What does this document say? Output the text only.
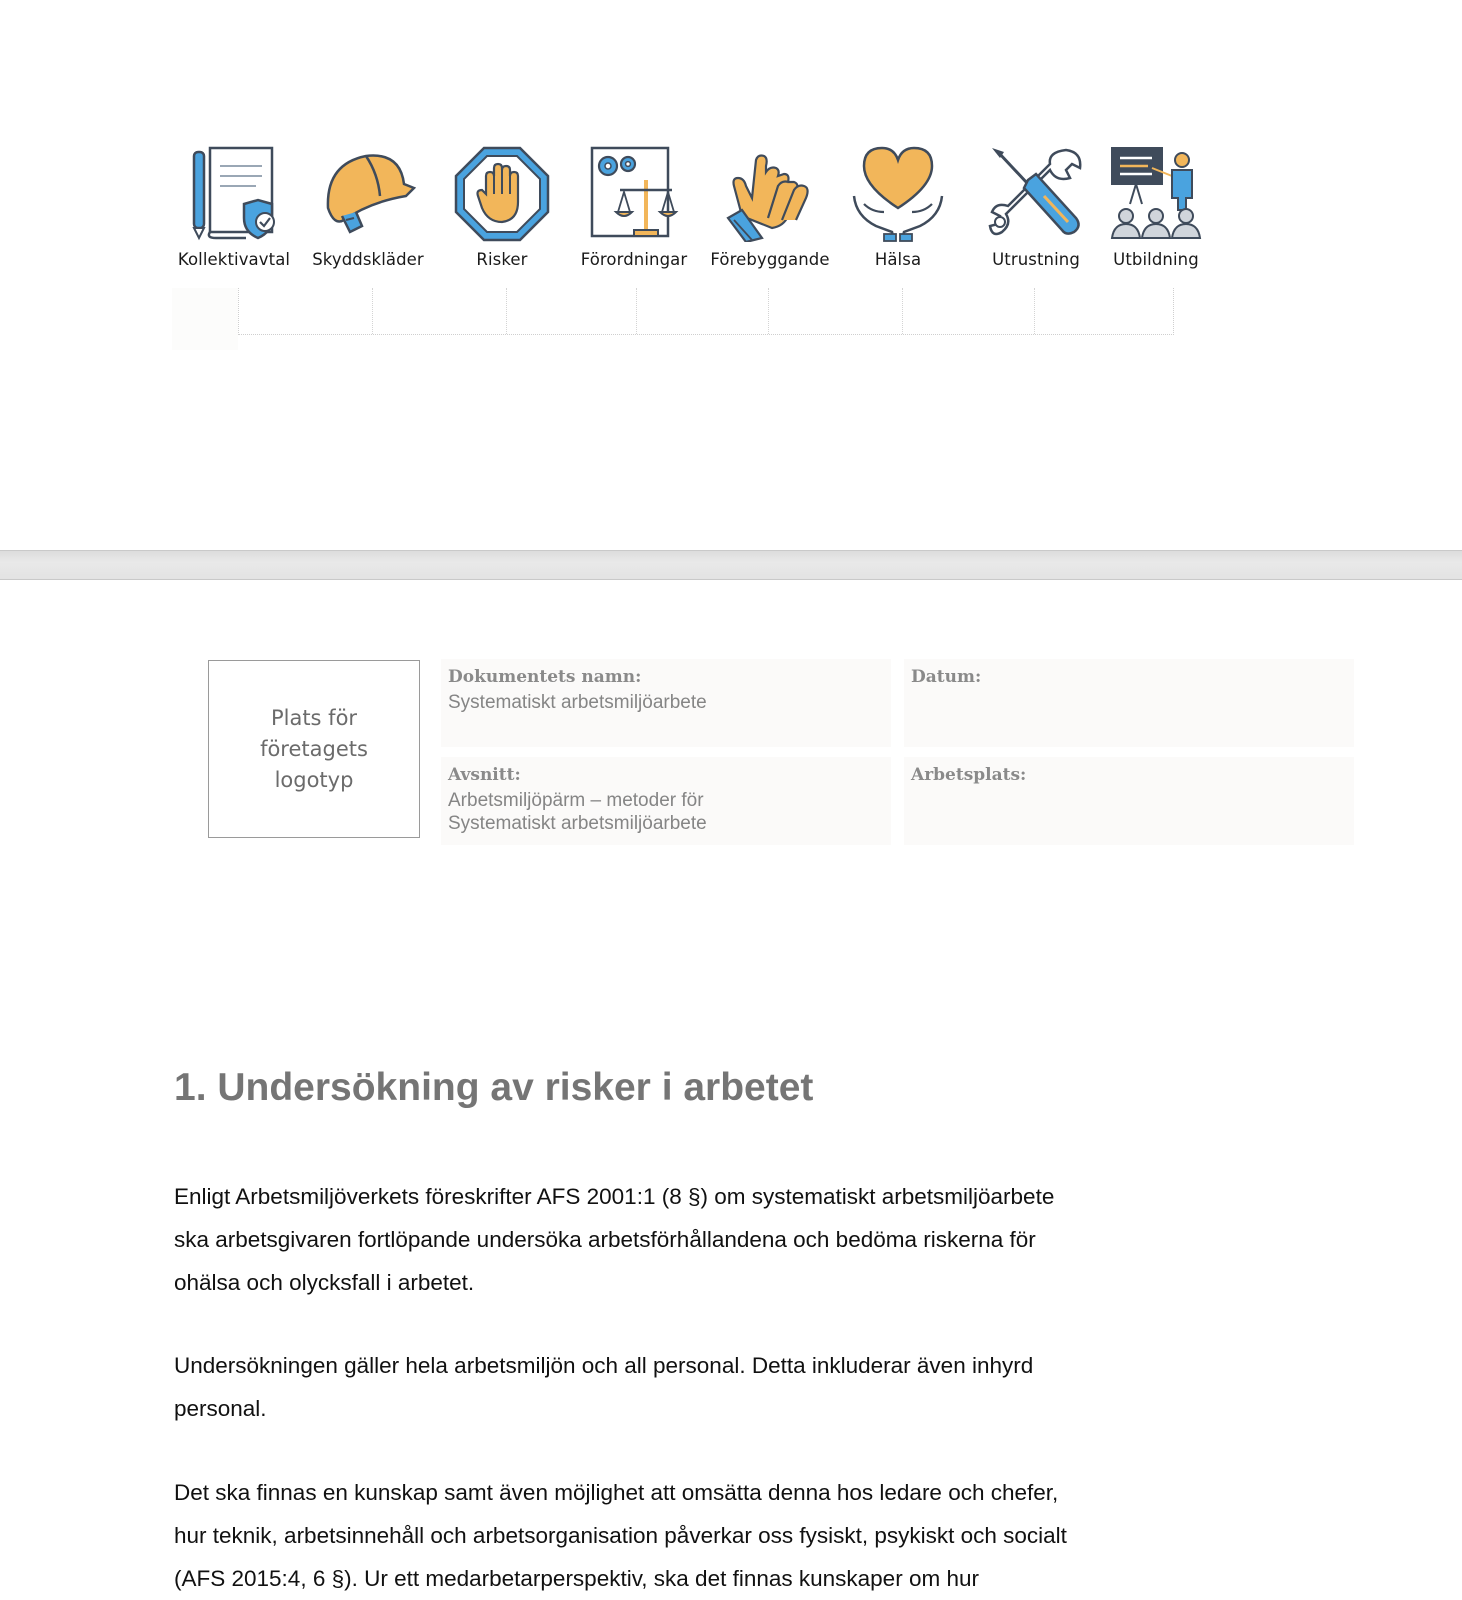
Kollektivavtal	Skyddskläder	Risker	Förordningar	Förebyggande	Hälsa	Utrustning	Utbildning
Plats för
företagets
logotyp
Dokumentets namn:
Systematiskt arbetsmiljöarbete
Datum:
Avsnitt:
Arbetsmiljöpärm – metoder för
Systematiskt arbetsmiljöarbete
Arbetsplats:
1. Undersökning av risker i arbetet
Enligt Arbetsmiljöverkets föreskrifter AFS 2001:1 (8 §) om systematiskt arbetsmiljöarbete
ska arbetsgivaren fortlöpande undersöka arbetsförhållandena och bedöma riskerna för
ohälsa och olycksfall i arbetet.
Undersökningen gäller hela arbetsmiljön och all personal. Detta inkluderar även inhyrd
personal.
Det ska finnas en kunskap samt även möjlighet att omsätta denna hos ledare och chefer,
hur teknik, arbetsinnehåll och arbetsorganisation påverkar oss fysiskt, psykiskt och socialt
(AFS 2015:4, 6 §). Ur ett medarbetarperspektiv, ska det finnas kunskaper om hur
